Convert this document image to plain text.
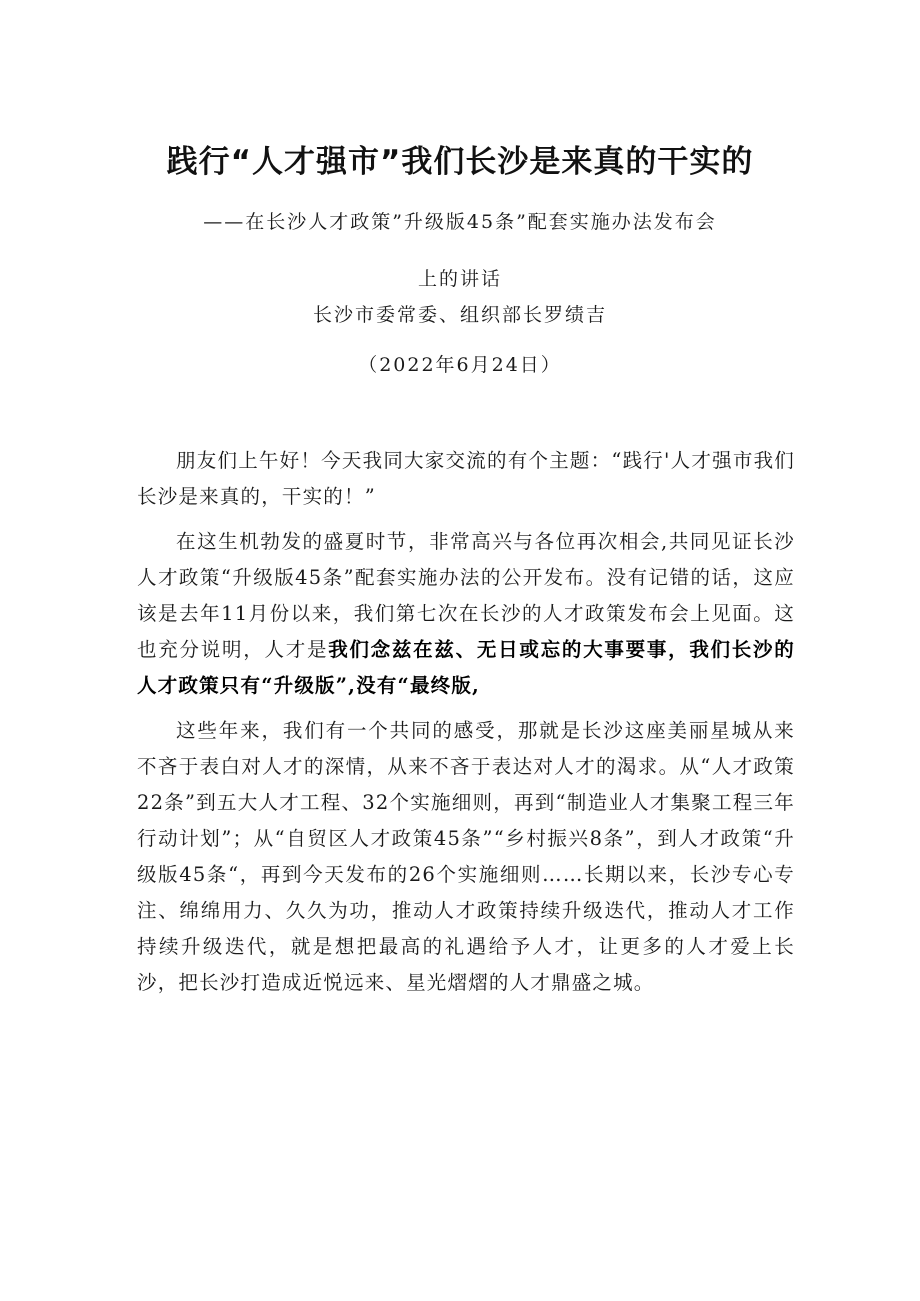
践行“人才强市”我们长沙是来真的干实的
——在长沙人才政策”升级版45条”配套实施办法发布会
上的讲话
长沙市委常委、组织部长罗绩吉
（2022年6月24日）

朋友们上午好！今天我同大家交流的有个主题：“践行'人才强市我们长沙是来真的，干实的！”

在这生机勃发的盛夏时节，非常高兴与各位再次相会,共同见证长沙人才政策“升级版45条”配套实施办法的公开发布。没有记错的话，这应该是去年11月份以来，我们第七次在长沙的人才政策发布会上见面。这也充分说明，人才是我们念兹在兹、无日或忘的大事要事，我们长沙的人才政策只有“升级版”,没有“最终版,

这些年来，我们有一个共同的感受，那就是长沙这座美丽星城从来不吝于表白对人才的深情，从来不吝于表达对人才的渴求。从“人才政策22条”到五大人才工程、32个实施细则，再到“制造业人才集聚工程三年行动计划”；从“自贸区人才政策45条”“乡村振兴8条”，到人才政策“升级版45条“，再到今天发布的26个实施细则……长期以来，长沙专心专注、绵绵用力、久久为功，推动人才政策持续升级迭代，推动人才工作持续升级迭代，就是想把最高的礼遇给予人才，让更多的人才爱上长沙，把长沙打造成近悦远来、星光熠熠的人才鼎盛之城。
